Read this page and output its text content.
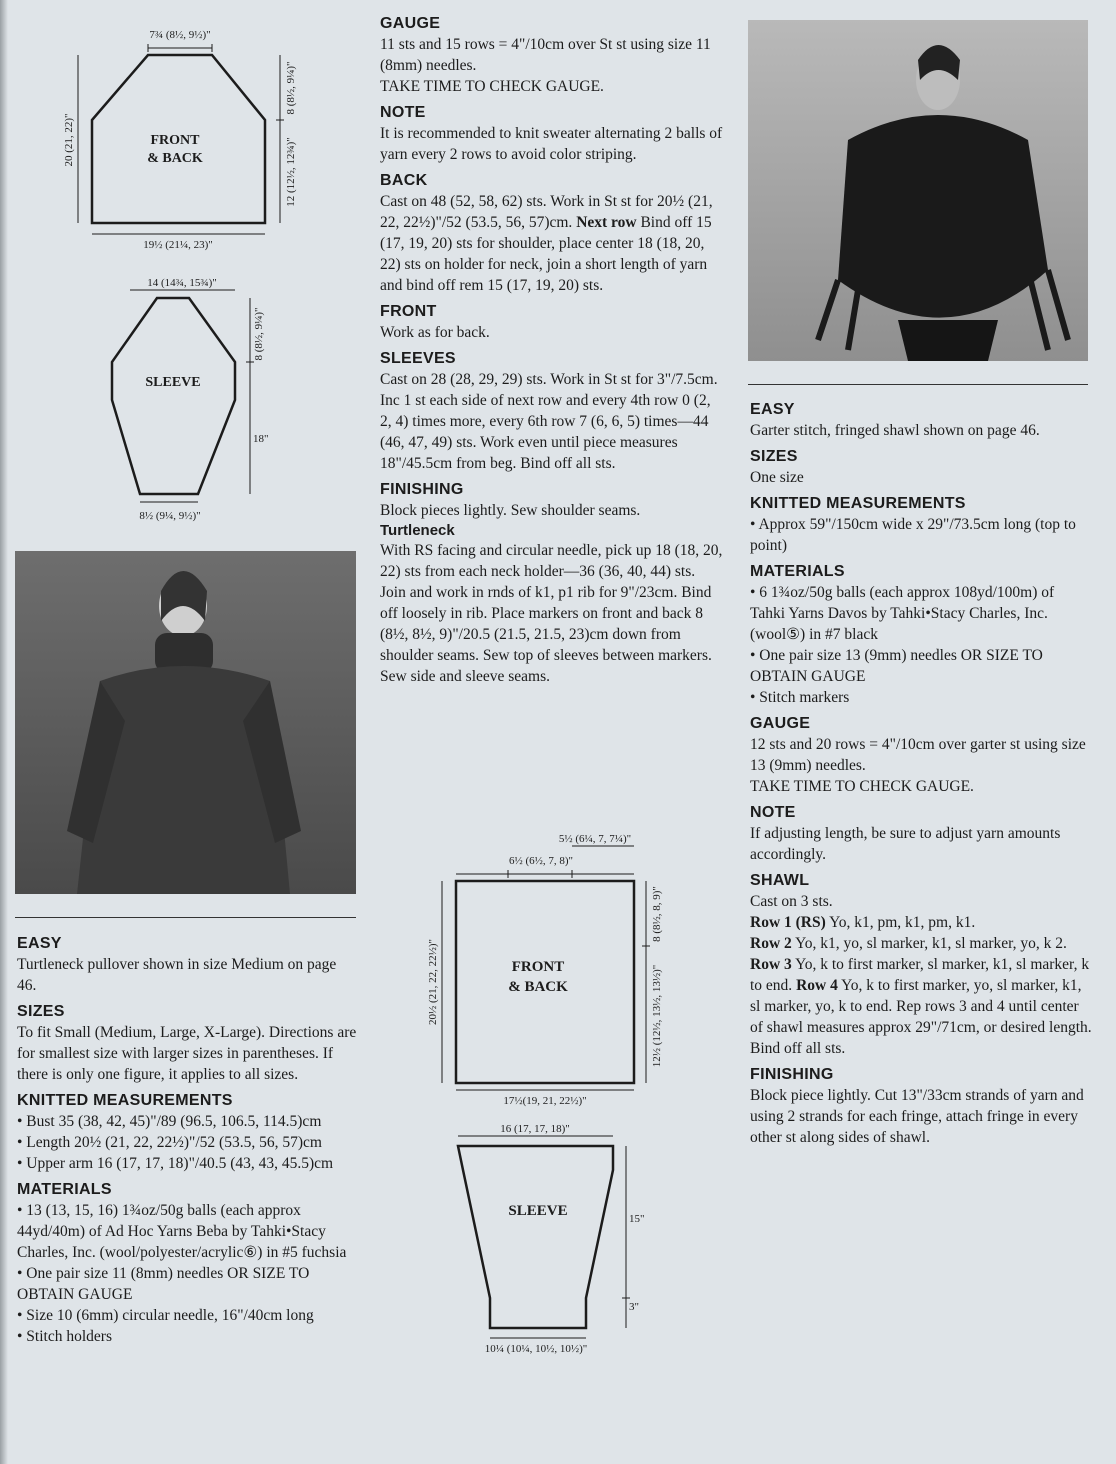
7¾ (8½, 9½)"
20 (21, 22)"
8 (8½, 9¼)"
12 (12½, 12¾)"
19½ (21¼, 23)"
FRONT
& BACK
14 (14¾, 15¾)"
8 (8½, 9¼)"
18"
8½ (9¼, 9½)"
SLEEVE
EASY

Turtleneck pullover shown in size Medium on page 46.

SIZES

To fit Small (Medium, Large, X-Large). Directions are for smallest size with larger sizes in parentheses. If there is only one figure, it applies to all sizes.

KNITTED MEASUREMENTS

• Bust 35 (38, 42, 45)"/89 (96.5, 106.5, 114.5)cm

• Length 20½ (21, 22, 22½)"/52 (53.5, 56, 57)cm

• Upper arm 16 (17, 17, 18)"/40.5 (43, 43, 45.5)cm

MATERIALS

• 13 (13, 15, 16) 1¾oz/50g balls (each approx 44yd/40m) of Ad Hoc Yarns Beba by Tahki•Stacy Charles, Inc. (wool/polyester/acrylic⑥) in #5 fuchsia

• One pair size 11 (8mm) needles OR SIZE TO OBTAIN GAUGE

• Size 10 (6mm) circular needle, 16"/40cm long

• Stitch holders

GAUGE

11 sts and 15 rows = 4"/10cm over St st using size 11 (8mm) needles.

TAKE TIME TO CHECK GAUGE.

NOTE

It is recommended to knit sweater alternating 2 balls of yarn every 2 rows to avoid color striping.

BACK

Cast on 48 (52, 58, 62) sts. Work in St st for 20½ (21, 22, 22½)"/52 (53.5, 56, 57)cm. Next row Bind off 15 (17, 19, 20) sts for shoulder, place center 18 (18, 20, 22) sts on holder for neck, join a short length of yarn and bind off rem 15 (17, 19, 20) sts.

FRONT

Work as for back.

SLEEVES

Cast on 28 (28, 29, 29) sts. Work in St st for 3"/7.5cm. Inc 1 st each side of next row and every 4th row 0 (2, 2, 4) times more, every 6th row 7 (6, 6, 5) times—44 (46, 47, 49) sts. Work even until piece measures 18"/45.5cm from beg. Bind off all sts.

FINISHING

Block pieces lightly. Sew shoulder seams.

Turtleneck

With RS facing and circular needle, pick up 18 (18, 20, 22) sts from each neck holder—36 (36, 40, 44) sts. Join and work in rnds of k1, p1 rib for 9"/23cm. Bind off loosely in rib. Place markers on front and back 8 (8½, 8½, 9)"/20.5 (21.5, 21.5, 23)cm down from shoulder seams. Sew top of sleeves between markers. Sew side and sleeve seams.

5½ (6¼, 7, 7¼)"
6½ (6½, 7, 8)"
20½ (21, 22, 22½)"
8 (8½, 8, 9)"
12½ (12½, 13½, 13½)"
17½(19, 21, 22½)"
FRONT
& BACK
16 (17, 17, 18)"
15"
3"
10¼ (10¼, 10½, 10½)"
SLEEVE
EASY

Garter stitch, fringed shawl shown on page 46.

SIZES

One size

KNITTED MEASUREMENTS

• Approx 59"/150cm wide x 29"/73.5cm long (top to point)

MATERIALS

• 6 1¾oz/50g balls (each approx 108yd/100m) of Tahki Yarns Davos by Tahki•Stacy Charles, Inc. (wool⑤) in #7 black

• One pair size 13 (9mm) needles OR SIZE TO OBTAIN GAUGE

• Stitch markers

GAUGE

12 sts and 20 rows = 4"/10cm over garter st using size 13 (9mm) needles.

TAKE TIME TO CHECK GAUGE.

NOTE

If adjusting length, be sure to adjust yarn amounts accordingly.

SHAWL

Cast on 3 sts.

Row 1 (RS) Yo, k1, pm, k1, pm, k1.
Row 2 Yo, k1, yo, sl marker, k1, sl marker, yo, k 2. Row 3 Yo, k to first marker, sl marker, k1, sl marker, k to end. Row 4 Yo, k to first marker, yo, sl marker, k1, sl marker, yo, k to end. Rep rows 3 and 4 until center of shawl measures approx 29"/71cm, or desired length. Bind off all sts.

FINISHING

Block piece lightly. Cut 13"/33cm strands of yarn and using 2 strands for each fringe, attach fringe in every other st along sides of shawl.
